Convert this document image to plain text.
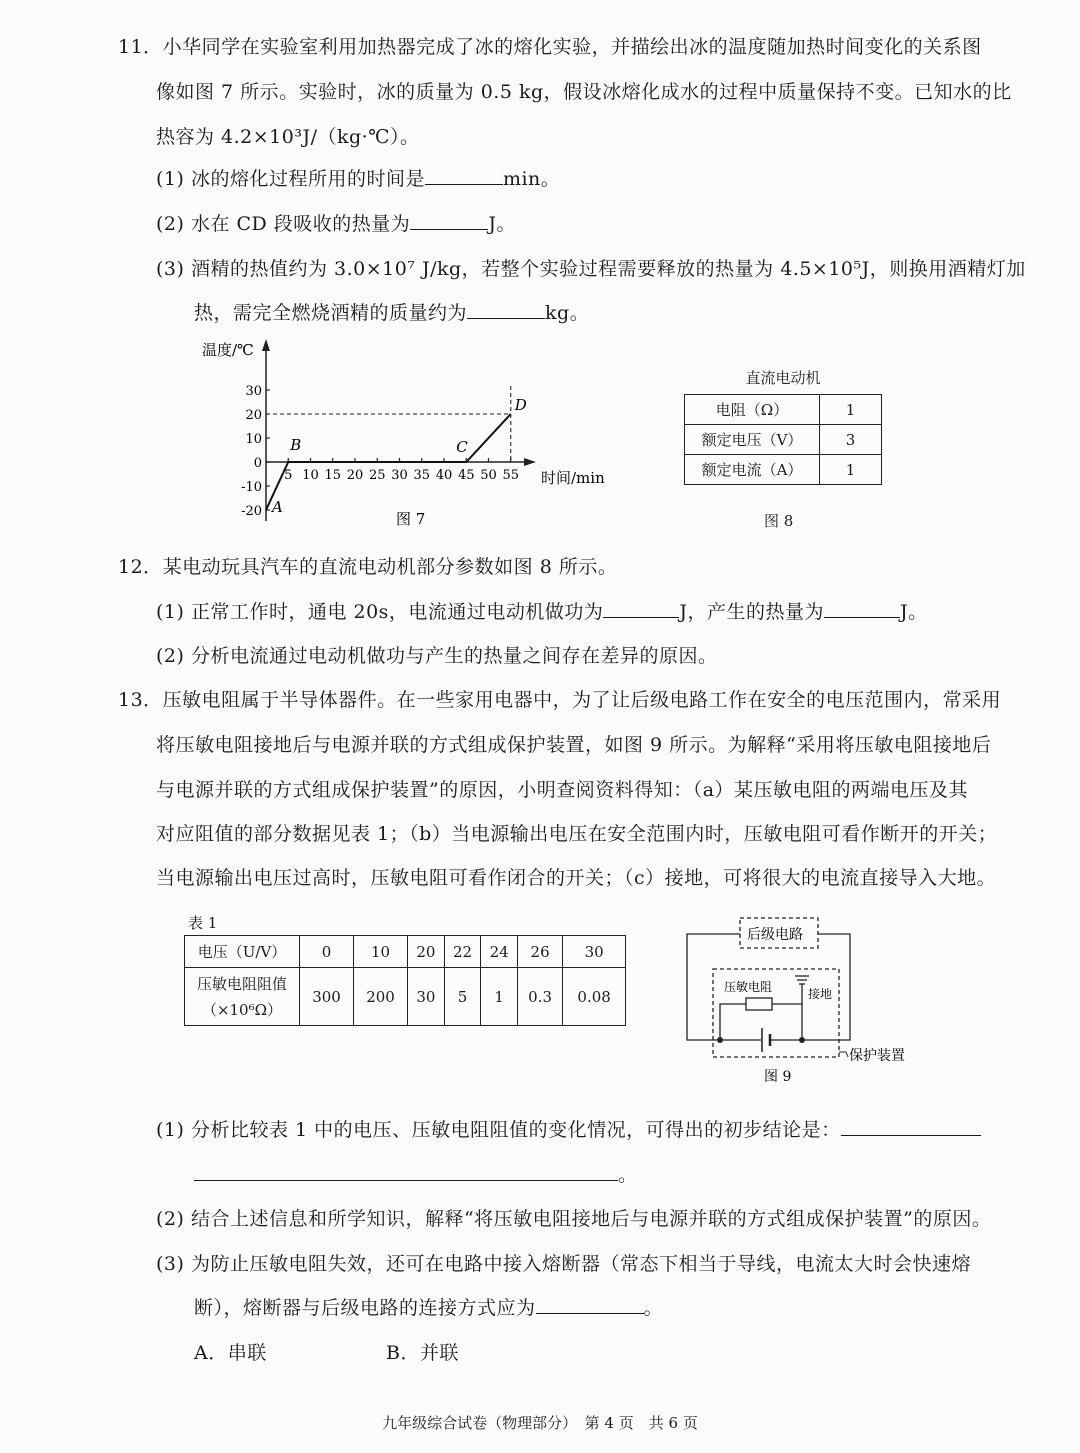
11．小华同学在实验室利用加热器完成了冰的熔化实验，并描绘出冰的温度随加热时间变化的关系图
像如图 7 所示。实验时，冰的质量为 0.5 kg，假设冰熔化成水的过程中质量保持不变。已知水的比
热容为 4.2×10³J/（kg·℃）。
(1) 冰的熔化过程所用的时间是	min。
(2) 水在 CD 段吸收的热量为	J。
(3) 酒精的热值约为 3.0×10⁷ J/kg，若整个实验过程需要释放的热量为 4.5×10⁵J，则换用酒精灯加
热，需完全燃烧酒精的质量约为	kg。
温度/℃
时间/min
5 10 15 20 25 30 35 40 45 50 55
30
20
10
0
-10
-20 A
B	C
D
图 7
直流电动机
电阻（Ω）	1
额定电压（V）	3
额定电流（A）	1
图 8
12．某电动玩具汽车的直流电动机部分参数如图 8 所示。
(1) 正常工作时，通电 20s，电流通过电动机做功为	J，产生的热量为	J。
(2) 分析电流通过电动机做功与产生的热量之间存在差异的原因。
13．压敏电阻属于半导体器件。在一些家用电器中，为了让后级电路工作在安全的电压范围内，常采用
将压敏电阻接地后与电源并联的方式组成保护装置，如图 9 所示。为解释“采用将压敏电阻接地后
与电源并联的方式组成保护装置”的原因，小明查阅资料得知：（a）某压敏电阻的两端电压及其
对应阻值的部分数据见表 1；（b）当电源输出电压在安全范围内时，压敏电阻可看作断开的开关；
当电源输出电压过高时，压敏电阻可看作闭合的开关；（c）接地，可将很大的电流直接导入大地。
表 1
电压（U/V）	0	10	20	22	24	26	30
压敏电阻阻值
（×10⁶Ω）	300	200	30	5	1	0.3	0.08
后级电路
压敏电阻	接地
保护装置
图 9
(1) 分析比较表 1 中的电压、压敏电阻阻值的变化情况，可得出的初步结论是：
。
(2) 结合上述信息和所学知识，解释“将压敏电阻接地后与电源并联的方式组成保护装置”的原因。
(3) 为防止压敏电阻失效，还可在电路中接入熔断器（常态下相当于导线，电流太大时会快速熔
断），熔断器与后级电路的连接方式应为	。
A．串联	B．并联
九年级综合试卷（物理部分）　第 4 页　共 6 页
